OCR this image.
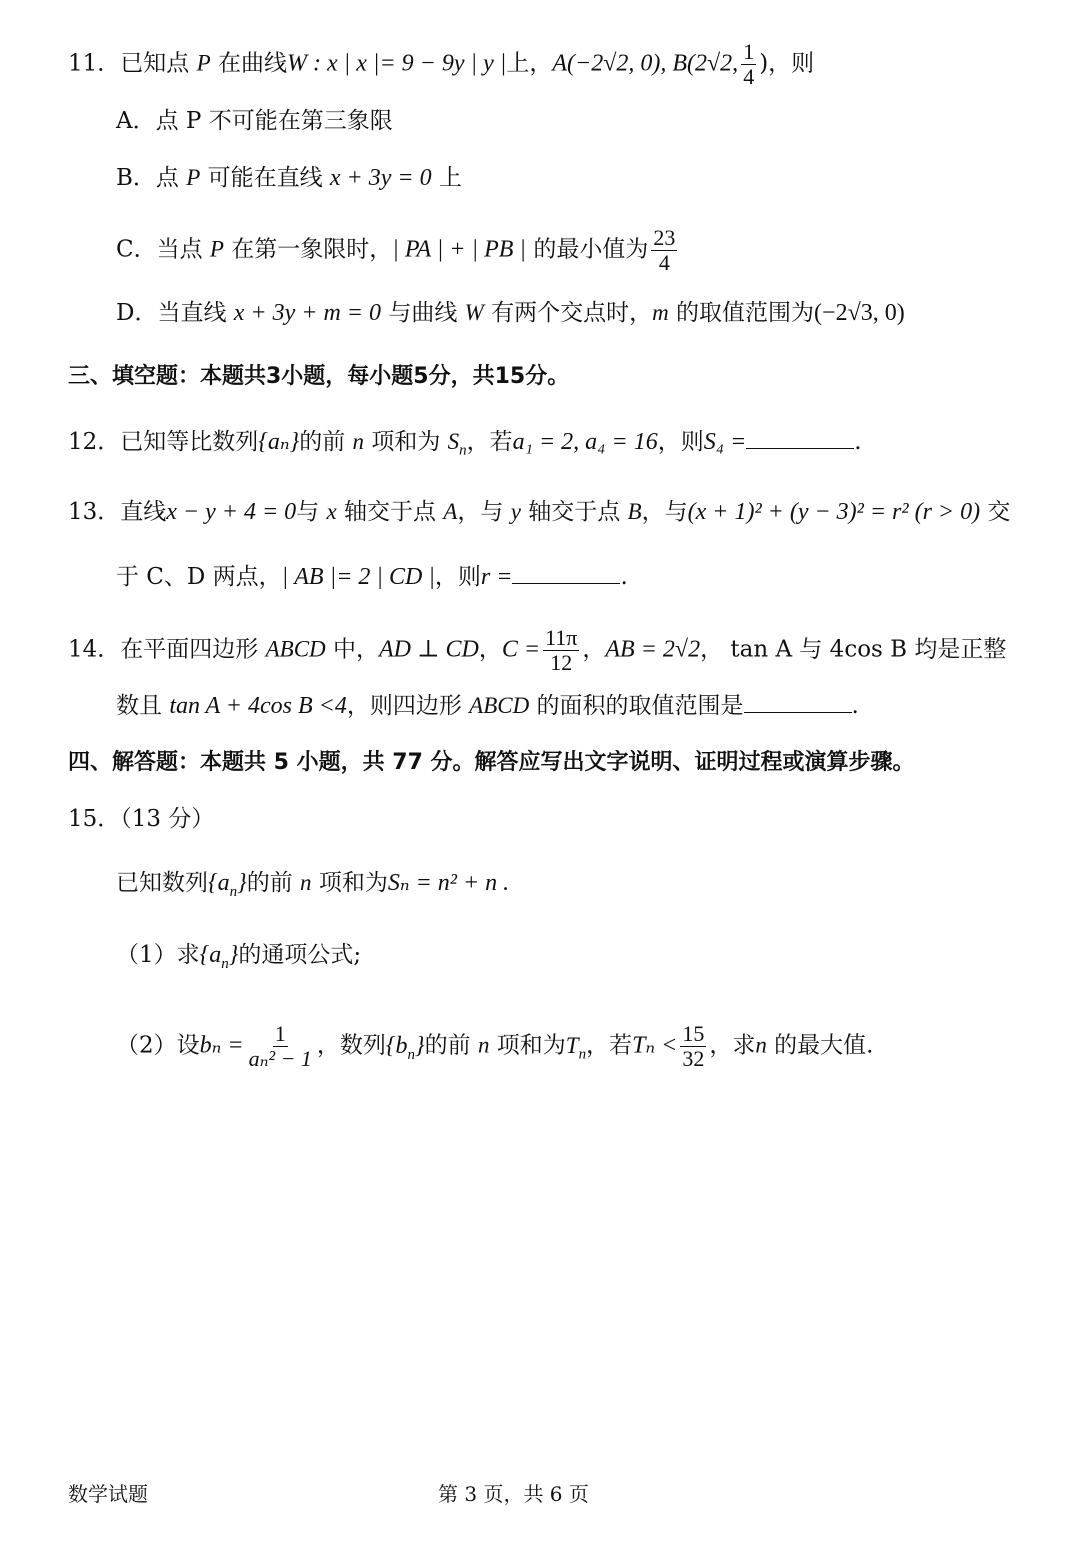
11．已知点 P 在曲线W : x | x |= 9 − 9y | y |上，A(−2√2, 0), B(2√2, $\frac{1}{4}$ )，则
A．点 P 不可能在第三象限
B．点 P 可能在直线 x + 3y = 0 上
C．当点 P 在第一象限时，| PA | + | PB | 的最小值为 $\frac{23}{4}$
D．当直线 x + 3y + m = 0 与曲线 W 有两个交点时，m 的取值范围为(−2√3, 0)
三、填空题：本题共3小题，每小题5分，共15分。
12．已知等比数列{aₙ}的前 n 项和为 $S_n$，若a₁ = 2, a₄ = 16，则S₄ =	.
13．直线x − y + 4 = 0与 x 轴交于点 A，与 y 轴交于点 B，与(x + 1)² + (y − 3)² = r² (r > 0) 交
于 C、D 两点，| AB |= 2 | CD |，则r =	.
14．在平面四边形 ABCD 中，AD ⊥ CD，$C = \frac{11\pi}{12}$ ，AB = 2√2， tan A 与 4cos B 均是正整
数且 tan A + 4cos B <4，则四边形 ABCD 的面积的取值范围是	.
四、解答题：本题共 5 小题，共 77 分。解答应写出文字说明、证明过程或演算步骤。
15．（13 分）
已知数列$\{a_n\}$的前 n 项和为Sₙ = n² + n .
（1）求$\{a_n\}$的通项公式;
（2）设$b_n = \frac{1}{\text{aₙ² − 1}}$ ，数列$\{b_n\}$的前 n 项和为$T_n$，若$T_n < \frac{15}{32}$ ，求n 的最大值.
数学试题	第 3 页，共 6 页
